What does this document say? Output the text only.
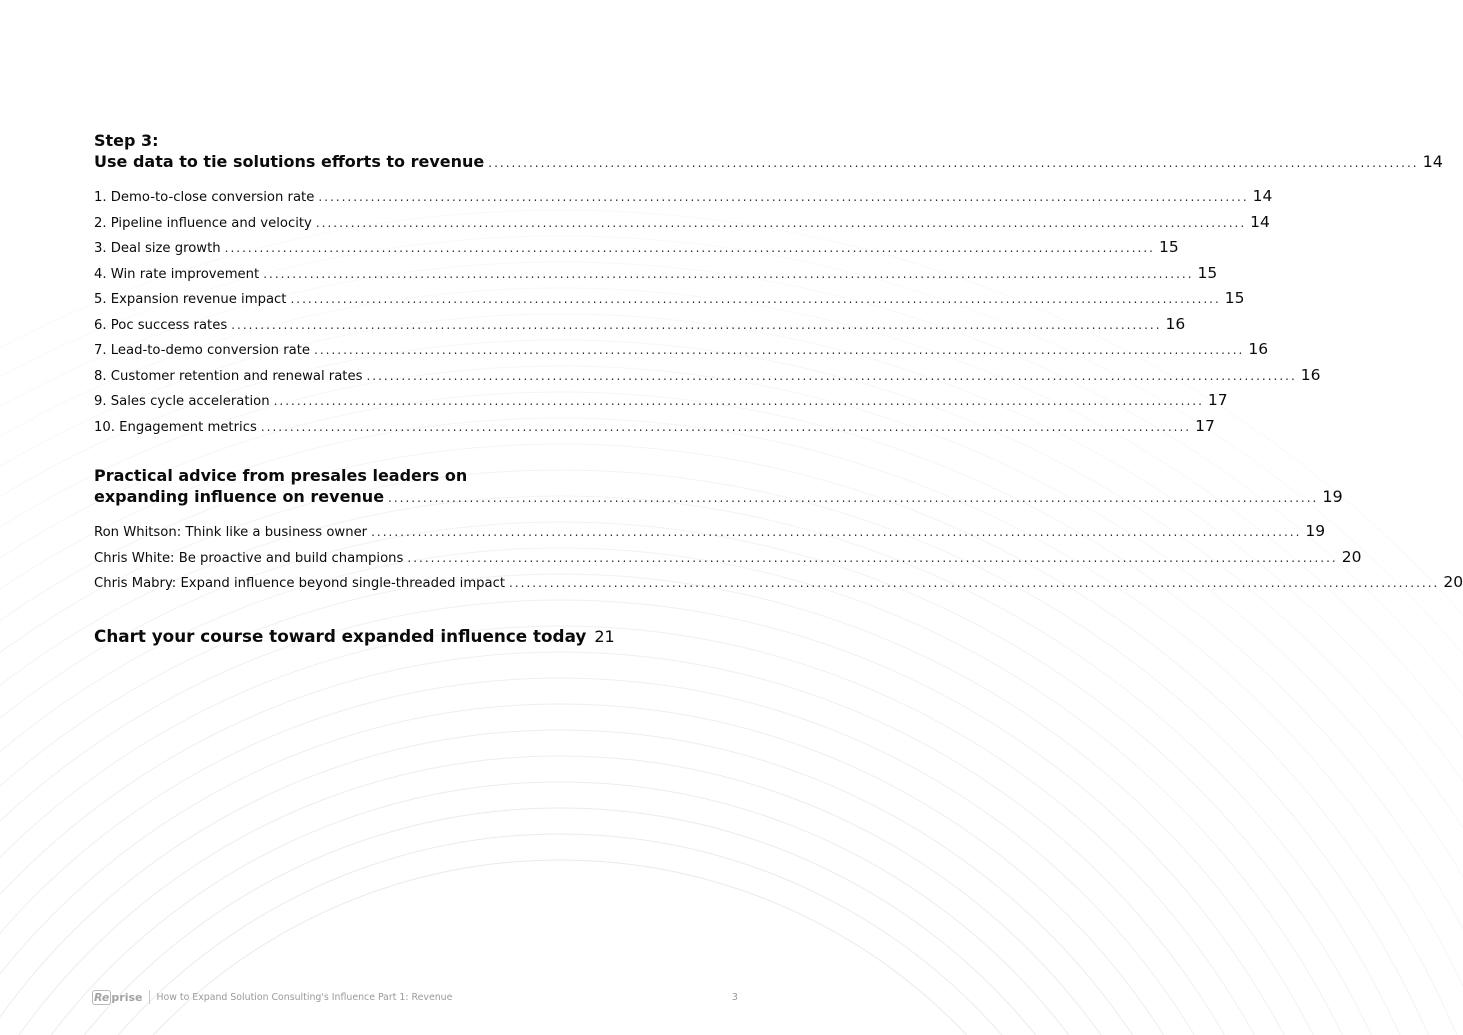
Step 3:
Use data to tie solutions efforts to revenue ................................................................................................................................................................ 14
1. Demo-to-close conversion rate ................................................................................................................................................................ 14
2. Pipeline influence and velocity ................................................................................................................................................................ 14
3. Deal size growth ................................................................................................................................................................ 15
4. Win rate improvement ................................................................................................................................................................ 15
5. Expansion revenue impact ................................................................................................................................................................ 15
6. Poc success rates ................................................................................................................................................................ 16
7. Lead-to-demo conversion rate ................................................................................................................................................................ 16
8. Customer retention and renewal rates ................................................................................................................................................................ 16
9. Sales cycle acceleration ................................................................................................................................................................ 17
10. Engagement metrics ................................................................................................................................................................ 17
Practical advice from presales leaders on
expanding influence on revenue ................................................................................................................................................................ 19
Ron Whitson: Think like a business owner ................................................................................................................................................................ 19
Chris White: Be proactive and build champions ................................................................................................................................................................ 20
Chris Mabry: Expand influence beyond single-threaded impact ................................................................................................................................................................ 20
Chart your course toward expanded influence today 21
Re prise How to Expand Solution Consulting's Influence Part 1: Revenue	3
